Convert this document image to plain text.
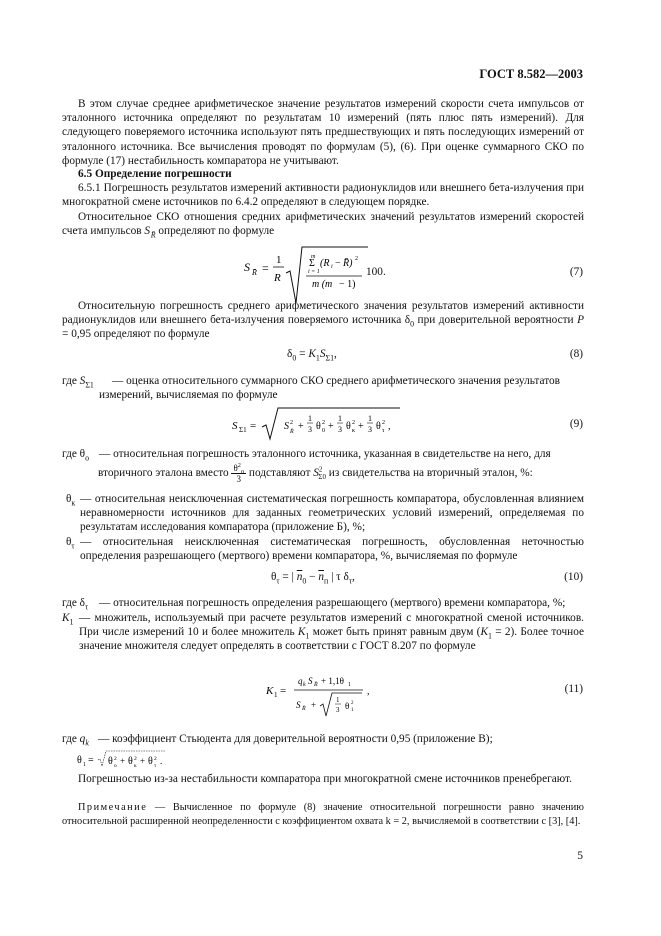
ГОСТ 8.582—2003
В этом случае среднее арифметическое значение результатов измерений скорости счета импульсов от эталонного источника определяют по результатам 10 измерений (пять плюс пять измерений). Для следующего поверяемого источника используют пять предшествующих и пять последующих измерений от эталонного источника. Все вычисления проводят по формулам (5), (6). При оценке суммарного СКО по формуле (17) нестабильность компаратора не учитывают.
6.5 Определение погрешности
6.5.1 Погрешность результатов измерений активности радионуклидов или внешнего бета-излучения при многократной смене источников по 6.4.2 определяют в следующем порядке.
Относительное СКО отношения средних арифметических значений результатов измерений скоростей счета импульсов S $_{R̄}$ определяют по формуле
S R̄ =
1
R
m
Σ (R i − R̄) 2
i = 1
m (m − 1)
100.	(7)
Относительную погрешность среднего арифметического значения результатов измерений активности радионуклидов или внешнего бета-излучения поверяемого источника $\delta_0$ при доверительной вероятности P = 0,95 определяют по формуле
$\delta_0 = K_1S_{\Sigma 1}$,	(8)
где $S_{\Sigma 1}$ — оценка относительного суммарного СКО среднего арифметического значения результатов
измерений, вычисляемая по формуле
S Σ1 =	S 2
R̄ +
1
3 θ 2
0 +
1
3 θ 2
к +
1
3 θ 2
τ ,	(9)
где $\theta_о$ — относительная погрешность эталонного источника, указанная в свидетельстве на него, для
вторичного эталона вместо $\frac{\theta^2_0}{3}$ подставляют $S^2_{\Sigma 0}$ из свидетельства на вторичный эталон, %:
$\theta_к$ — относительная неисключенная систематическая погрешность компаратора, обусловленная влиянием неравномерности источников для заданных геометрических условий измерений, определяемая по результатам исследования компаратора (приложение Б), %;
$\theta_\tau$ — относительная неисключенная систематическая погрешность, обусловленная неточностью определения разрешающего (мертвого) времени компаратора, %, вычисляемая по формуле
$\theta_\tau$ = | $\overline{n}_0 - \overline{n}_п$ | τ $\delta_\tau$,	(10)
где $\delta_\tau$ — относительная погрешность определения разрешающего (мертвого) времени компаратора, %;
$K_1$ — множитель, используемый при расчете результатов измерений с многократной сменой источников. При числе измерений 10 и более множитель $K_1$ может быть принят равным двум $(K_1 = 2)$. Более точное значение множителя следует определять в соответствии с ГОСТ 8.207 по формуле
K 1 =
q k S R̄ + 1,1θ 1
S R̄ +	1
3 θ 2
1
,	(11)
где $q_k$ — коэффициент Стьюдента для доверительной вероятности 0,95 (приложение В);
θ 1 = θ 2
о + θ 2
к + θ 2
τ .
Погрешностью из-за нестабильности компаратора при многократной смене источников пренебрегают.
Примечание — Вычисленное по формуле (8) значение относительной погрешности равно значению относительной расширенной неопределенности с коэффициентом охвата k = 2, вычисляемой в соответствии с [3], [4].
5
